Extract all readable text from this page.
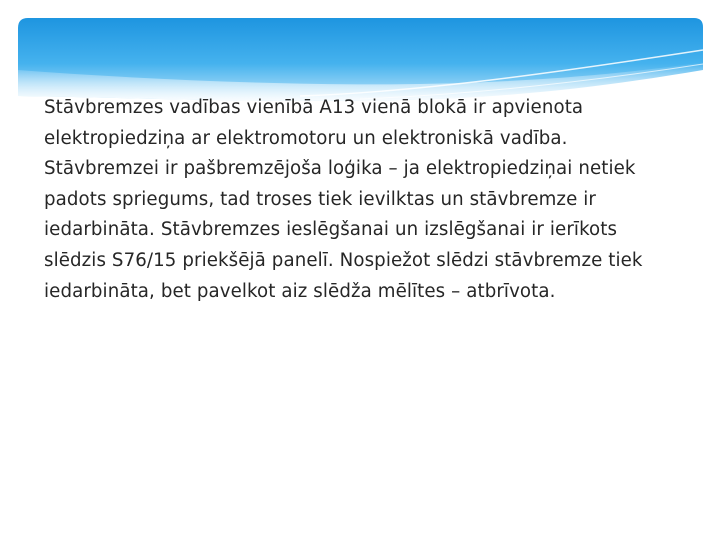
Stāvbremzes vadības vienībā A13 vienā blokā ir apvienota elektropiedziņa ar elektromotoru un elektroniskā vadība. Stāvbremzei ir pašbremzējoša loģika – ja elektropiedziņai netiek padots spriegums, tad troses tiek ievilktas un stāvbremze ir iedarbināta. Stāvbremzes ieslēgšanai un izslēgšanai ir ierīkots slēdzis S76/15 priekšējā panelī. Nospiežot slēdzi stāvbremze tiek iedarbināta, bet pavelkot aiz slēdža mēlītes – atbrīvota.
